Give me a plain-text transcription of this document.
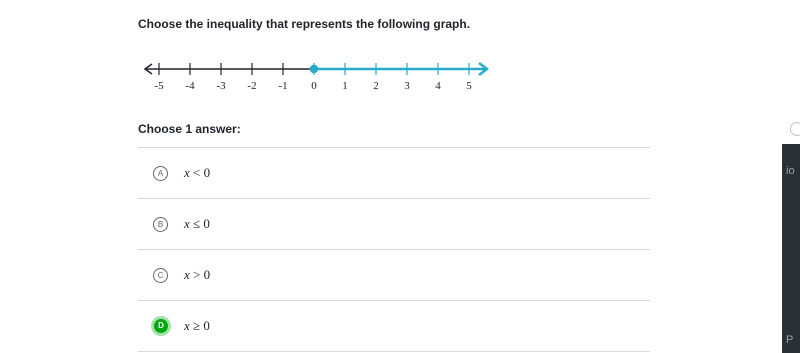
Choose the inequality that represents the following graph.
-5 -4 -3 -2 -1 0 1 2 3 4 5
Choose 1 answer:
A	x < 0
B	x ≤ 0
C	x > 0
D	x ≥ 0
io
P
